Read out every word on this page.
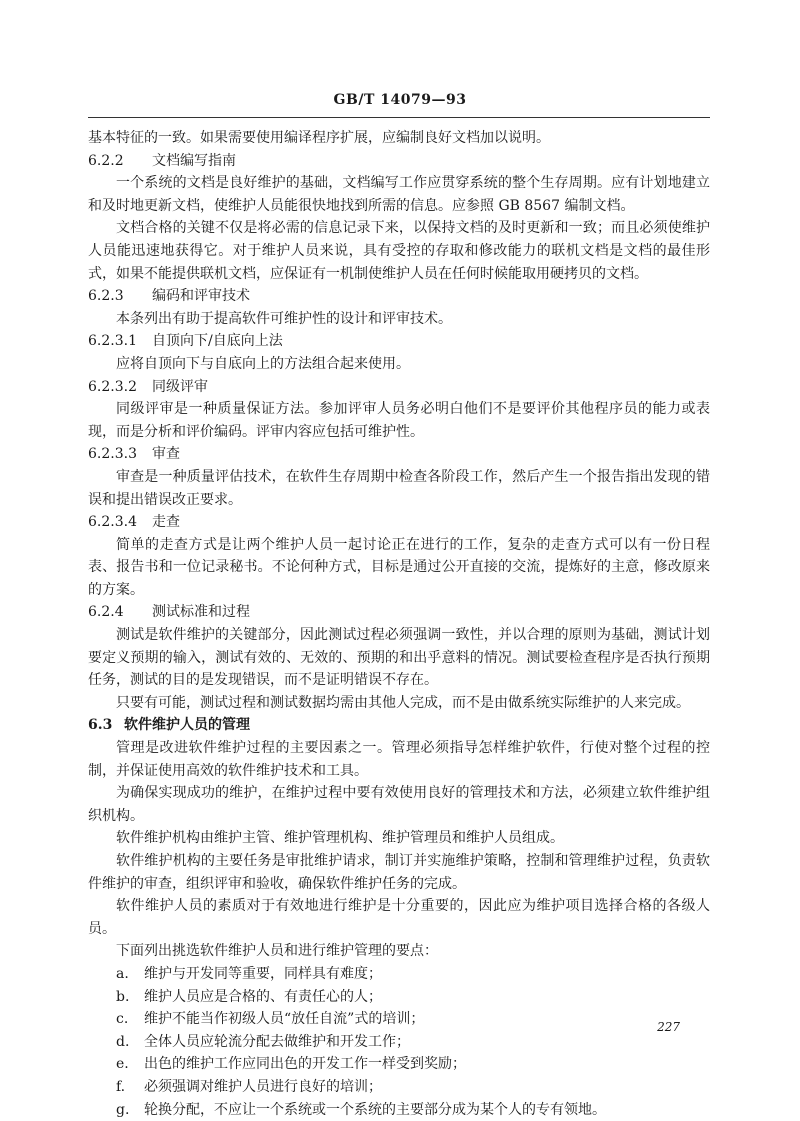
GB/T 14079—93

基本特征的一致。如果需要使用编译程序扩展，应编制良好文档加以说明。

6.2.2 文档编写指南

一个系统的文档是良好维护的基础，文档编写工作应贯穿系统的整个生存周期。应有计划地建立和及时地更新文档，使维护人员能很快地找到所需的信息。应参照 GB 8567 编制文档。

文档合格的关键不仅是将必需的信息记录下来，以保持文档的及时更新和一致；而且必须使维护人员能迅速地获得它。对于维护人员来说，具有受控的存取和修改能力的联机文档是文档的最佳形式，如果不能提供联机文档，应保证有一机制使维护人员在任何时候能取用硬拷贝的文档。

6.2.3 编码和评审技术

本条列出有助于提高软件可维护性的设计和评审技术。

6.2.3.1 自顶向下/自底向上法

应将自顶向下与自底向上的方法组合起来使用。

6.2.3.2 同级评审

同级评审是一种质量保证方法。参加评审人员务必明白他们不是要评价其他程序员的能力或表现，而是分析和评价编码。评审内容应包括可维护性。

6.2.3.3 审查

审查是一种质量评估技术，在软件生存周期中检查各阶段工作，然后产生一个报告指出发现的错误和提出错误改正要求。

6.2.3.4 走查

简单的走查方式是让两个维护人员一起讨论正在进行的工作，复杂的走查方式可以有一份日程表、报告书和一位记录秘书。不论何种方式，目标是通过公开直接的交流，提炼好的主意，修改原来的方案。

6.2.4 测试标准和过程

测试是软件维护的关键部分，因此测试过程必须强调一致性，并以合理的原则为基础，测试计划要定义预期的输入，测试有效的、无效的、预期的和出乎意料的情况。测试要检查程序是否执行预期任务，测试的目的是发现错误，而不是证明错误不存在。

只要有可能，测试过程和测试数据均需由其他人完成，而不是由做系统实际维护的人来完成。

6.3 软件维护人员的管理

管理是改进软件维护过程的主要因素之一。管理必须指导怎样维护软件，行使对整个过程的控制，并保证使用高效的软件维护技术和工具。

为确保实现成功的维护，在维护过程中要有效使用良好的管理技术和方法，必须建立软件维护组织机构。

软件维护机构由维护主管、维护管理机构、维护管理员和维护人员组成。

软件维护机构的主要任务是审批维护请求，制订并实施维护策略，控制和管理维护过程，负责软件维护的审查，组织评审和验收，确保软件维护任务的完成。

软件维护人员的素质对于有效地进行维护是十分重要的，因此应为维护项目选择合格的各级人员。

下面列出挑选软件维护人员和进行维护管理的要点：

a.	维护与开发同等重要，同样具有难度；
b.	维护人员应是合格的、有责任心的人；
c.	维护不能当作初级人员“放任自流”式的培训；
d.	全体人员应轮流分配去做维护和开发工作；
e.	出色的维护工作应同出色的开发工作一样受到奖励；
f.	必须强调对维护人员进行良好的培训；
g.	轮换分配，不应让一个系统或一个系统的主要部分成为某个人的专有领地。
227
